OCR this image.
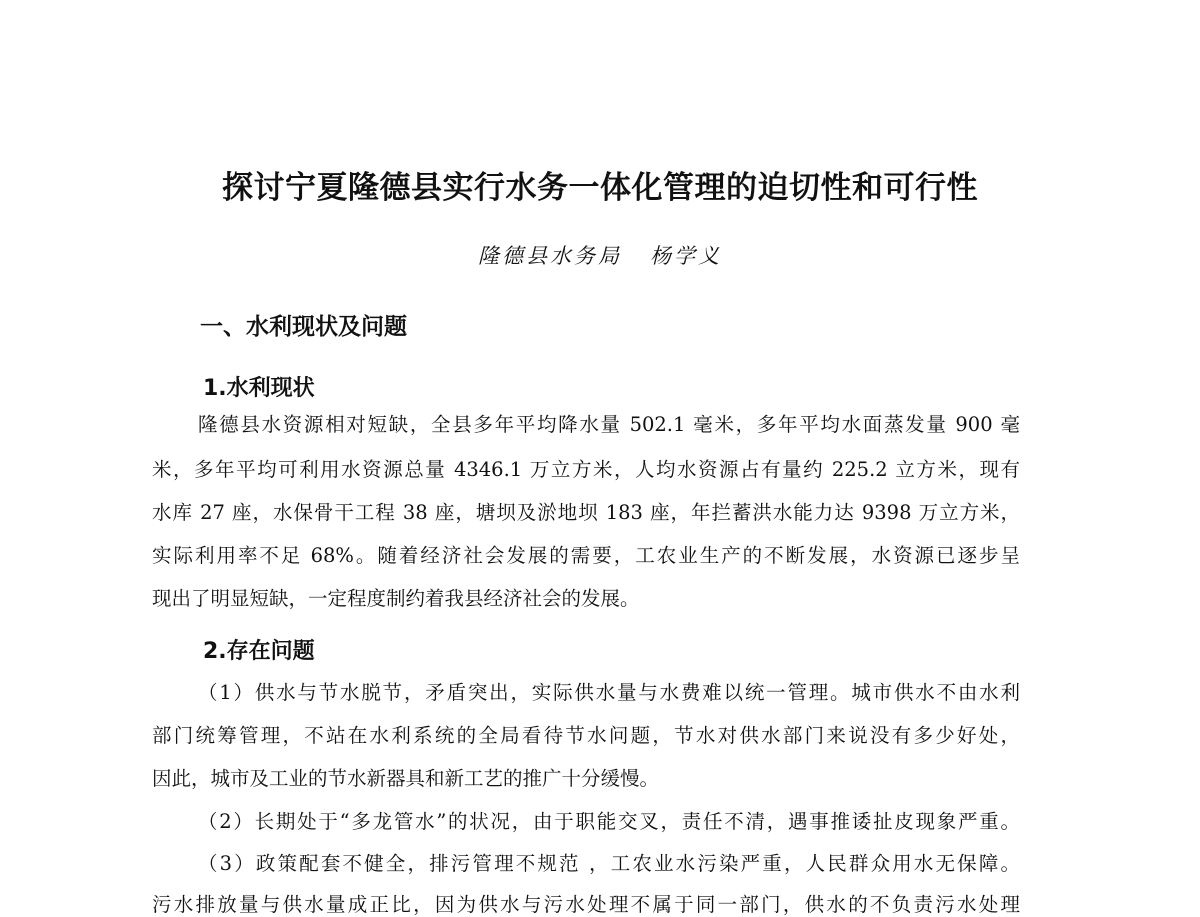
探讨宁夏隆德县实行水务一体化管理的迫切性和可行性
隆德县水务局 杨学义
一、水利现状及问题
1.水利现状
隆德县水资源相对短缺，全县多年平均降水量 502.1 毫米，多年平均水面蒸发量 900 毫
米，多年平均可利用水资源总量 4346.1 万立方米，人均水资源占有量约 225.2 立方米，现有
水库 27 座，水保骨干工程 38 座，塘坝及淤地坝 183 座，年拦蓄洪水能力达 9398 万立方米，
实际利用率不足 68%。随着经济社会发展的需要，工农业生产的不断发展，水资源已逐步呈
现出了明显短缺，一定程度制约着我县经济社会的发展。
2.存在问题
（1）供水与节水脱节，矛盾突出，实际供水量与水费难以统一管理。城市供水不由水利
部门统筹管理，不站在水利系统的全局看待节水问题，节水对供水部门来说没有多少好处，
因此，城市及工业的节水新器具和新工艺的推广十分缓慢。
（2）长期处于“多龙管水”的状况，由于职能交叉，责任不清，遇事推诿扯皮现象严重。
（3）政策配套不健全，排污管理不规范 ，工农业水污染严重，人民群众用水无保障。
污水排放量与供水量成正比，因为供水与污水处理不属于同一部门，供水的不负责污水处理
